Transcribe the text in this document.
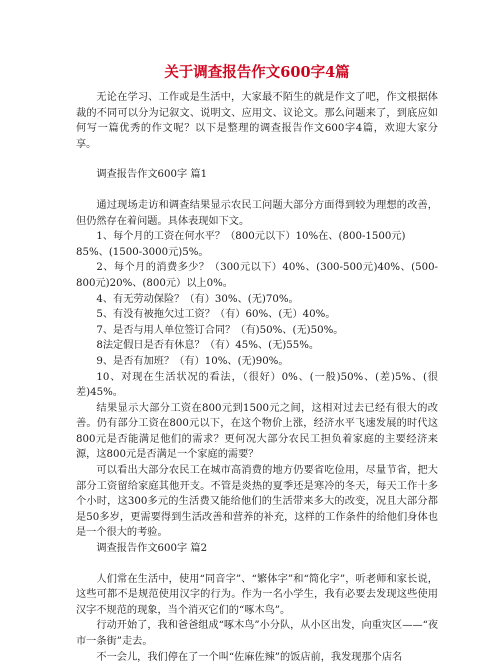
关于调查报告作文600字4篇

无论在学习、工作或是生活中，大家最不陌生的就是作文了吧，作文根据体裁的不同可以分为记叙文、说明文、应用文、议论文。那么问题来了，到底应如何写一篇优秀的作文呢？以下是整理的调查报告作文600字4篇，欢迎大家分享。

调查报告作文600字 篇1

通过现场走访和调查结果显示农民工问题大部分方面得到较为理想的改善，但仍然存在着问题。具体表现如下文。

1、每个月的工资在何水平？（800元以下）10%在、(800-1500元)

85%、(1500-3000元)5%。

2、每个月的消费多少？（300元以下）40%、(300-500元)40%、(500-800元)20%、(800元）以上0%。

4、有无劳动保险？（有）30%、(无)70%。

5、有没有被拖欠过工资？（有）60%、(无）40%。

7、是否与用人单位签订合同？（有)50%、(无)50%。

8法定假日是否有休息？（有）45%、(无)55%。

9、是否有加班？（有）10%、(无)90%。

10、对现在生活状况的看法，（很好）0%、(一般)50%、(差)5%、(很差)45%。

结果显示大部分工资在800元到1500元之间，这相对过去已经有很大的改善。仍有部分工资在800元以下，在这个物价上涨，经济水平飞速发展的时代这800元是否能满足他们的需求？更何况大部分农民工担负着家庭的主要经济来源，这800元是否满足一个家庭的需要？

可以看出大部分农民工在城市高消费的地方仍要省吃俭用，尽量节省，把大部分工资留给家庭其他开支。不管是炎热的夏季还是寒冷的冬天，每天工作十多个小时，这300多元的生活费又能给他们的生活带来多大的改变，况且大部分都是50多岁，更需要得到生活改善和营养的补充，这样的工作条件的给他们身体也是一个很大的考验。

调查报告作文600字 篇2

人们常在生活中，使用“同音字”、“繁体字”和“简化字”，听老师和家长说，这些可都不是规范使用汉字的行为。作为一名小学生，我有必要去发现这些使用汉字不规范的现象，当个消灭它们的“啄木鸟”。

行动开始了，我和爸爸组成“啄木鸟”小分队，从小区出发，向重灾区——“夜市一条街”走去。

不一会儿，我们停在了一个叫“佐麻佐辣”的饭店前，我发现那个店名
